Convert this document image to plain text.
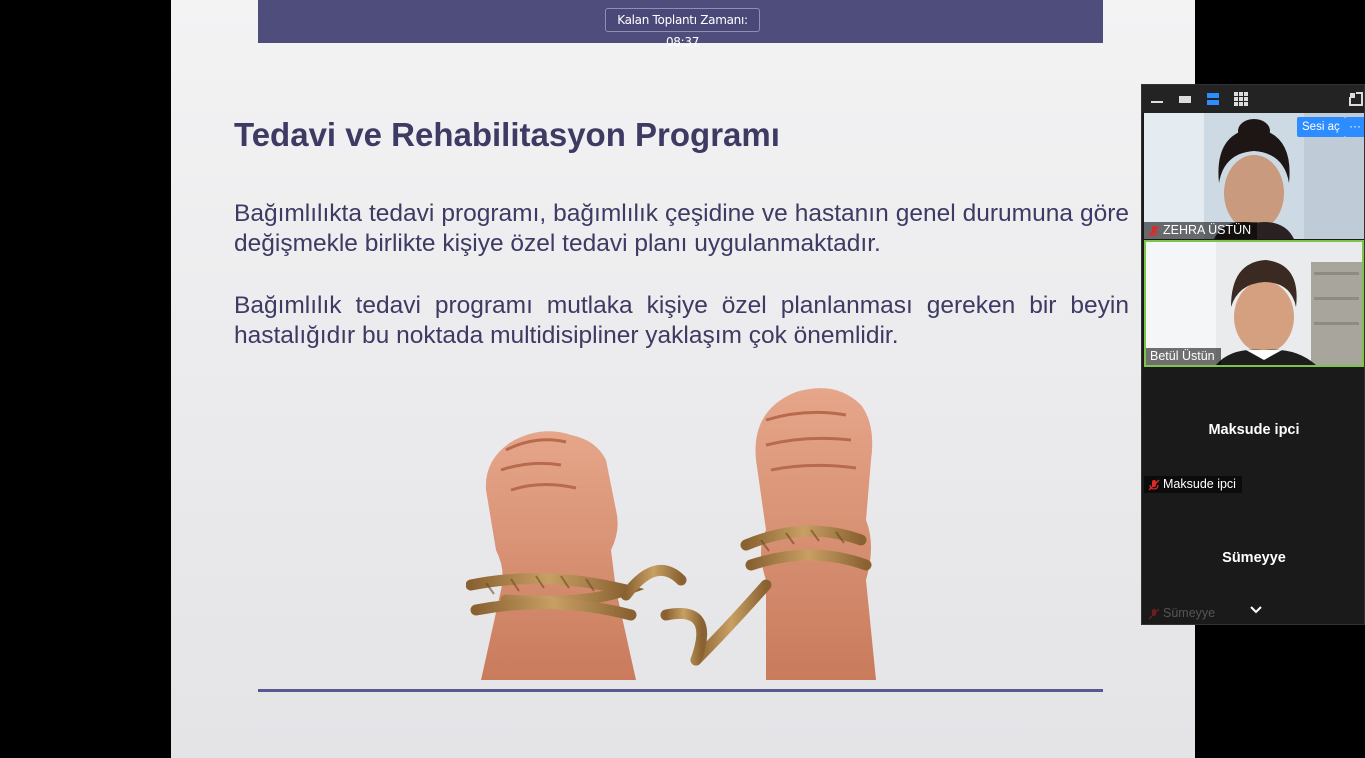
Kalan Toplantı Zamanı: 08:37
Tedavi ve Rehabilitasyon Programı

Bağımlılıkta tedavi programı, bağımlılık çeşidine ve hastanın genel durumuna göre değişmekle birlikte kişiye özel tedavi planı uygulanmaktadır.

Bağımlılık tedavi programı mutlaka kişiye özel planlanması gereken bir beyin hastalığıdır bu noktada multidisipliner yaklaşım çok önemlidir.

Sesi aç ···
ZEHRA ÜSTÜN
Betül Üstün
Maksude ipci
Maksude ipci
Sümeyye
Sümeyye
